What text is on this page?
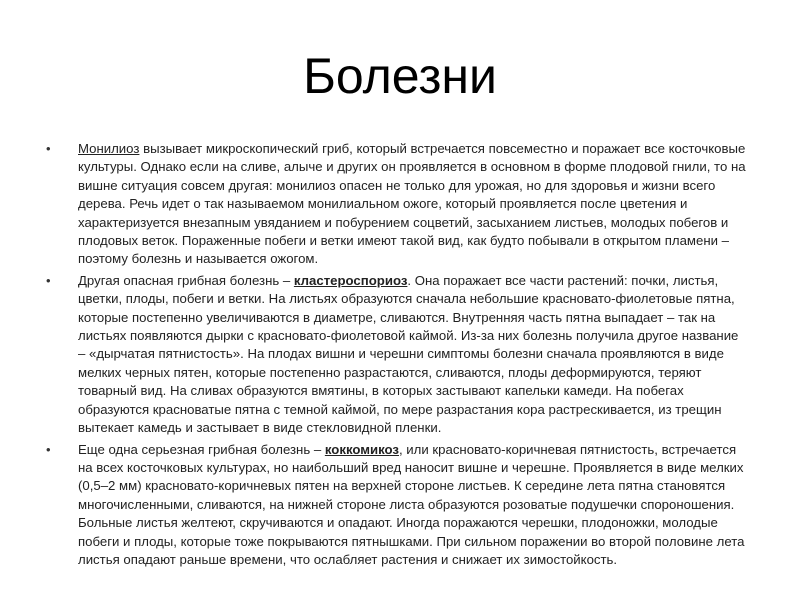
Болезни
• Монилиоз вызывает микроскопический гриб, который встречается повсеместно и поражает все косточковые культуры. Однако если на сливе, алыче и других он проявляется в основном в форме плодовой гнили, то на вишне ситуация совсем другая: монилиоз опасен не только для урожая, но для здоровья и жизни всего дерева. Речь идет о так называемом монилиальном ожоге, который проявляется после цветения и характеризуется внезапным увяданием и побурением соцветий, засыханием листьев, молодых побегов и плодовых веток. Пораженные побеги и ветки имеют такой вид, как будто побывали в открытом пламени – поэтому болезнь и называется ожогом.
• Другая опасная грибная болезнь – кластероспориоз. Она поражает все части растений: почки, листья, цветки, плоды, побеги и ветки. На листьях образуются сначала небольшие красновато-фиолетовые пятна, которые постепенно увеличиваются в диаметре, сливаются. Внутренняя часть пятна выпадает – так на листьях появляются дырки с красновато-фиолетовой каймой. Из-за них болезнь получила другое название – «дырчатая пятнистость». На плодах вишни и черешни симптомы болезни сначала проявляются в виде мелких черных пятен, которые постепенно разрастаются, сливаются, плоды деформируются, теряют товарный вид. На сливах образуются вмятины, в которых застывают капельки камеди. На побегах образуются красноватые пятна с темной каймой, по мере разрастания кора растрескивается, из трещин вытекает камедь и застывает в виде стекловидной пленки.
• Еще одна серьезная грибная болезнь – коккомикоз, или красновато-коричневая пятнистость, встречается на всех косточковых культурах, но наибольший вред наносит вишне и черешне. Проявляется в виде мелких (0,5–2 мм) красновато-коричневых пятен на верхней стороне листьев. К середине лета пятна становятся многочисленными, сливаются, на нижней стороне листа образуются розоватые подушечки спороношения. Больные листья желтеют, скручиваются и опадают. Иногда поражаются черешки, плодоножки, молодые побеги и плоды, которые тоже покрываются пятнышками. При сильном поражении во второй половине лета листья опадают раньше времени, что ослабляет растения и снижает их зимостойкость.
